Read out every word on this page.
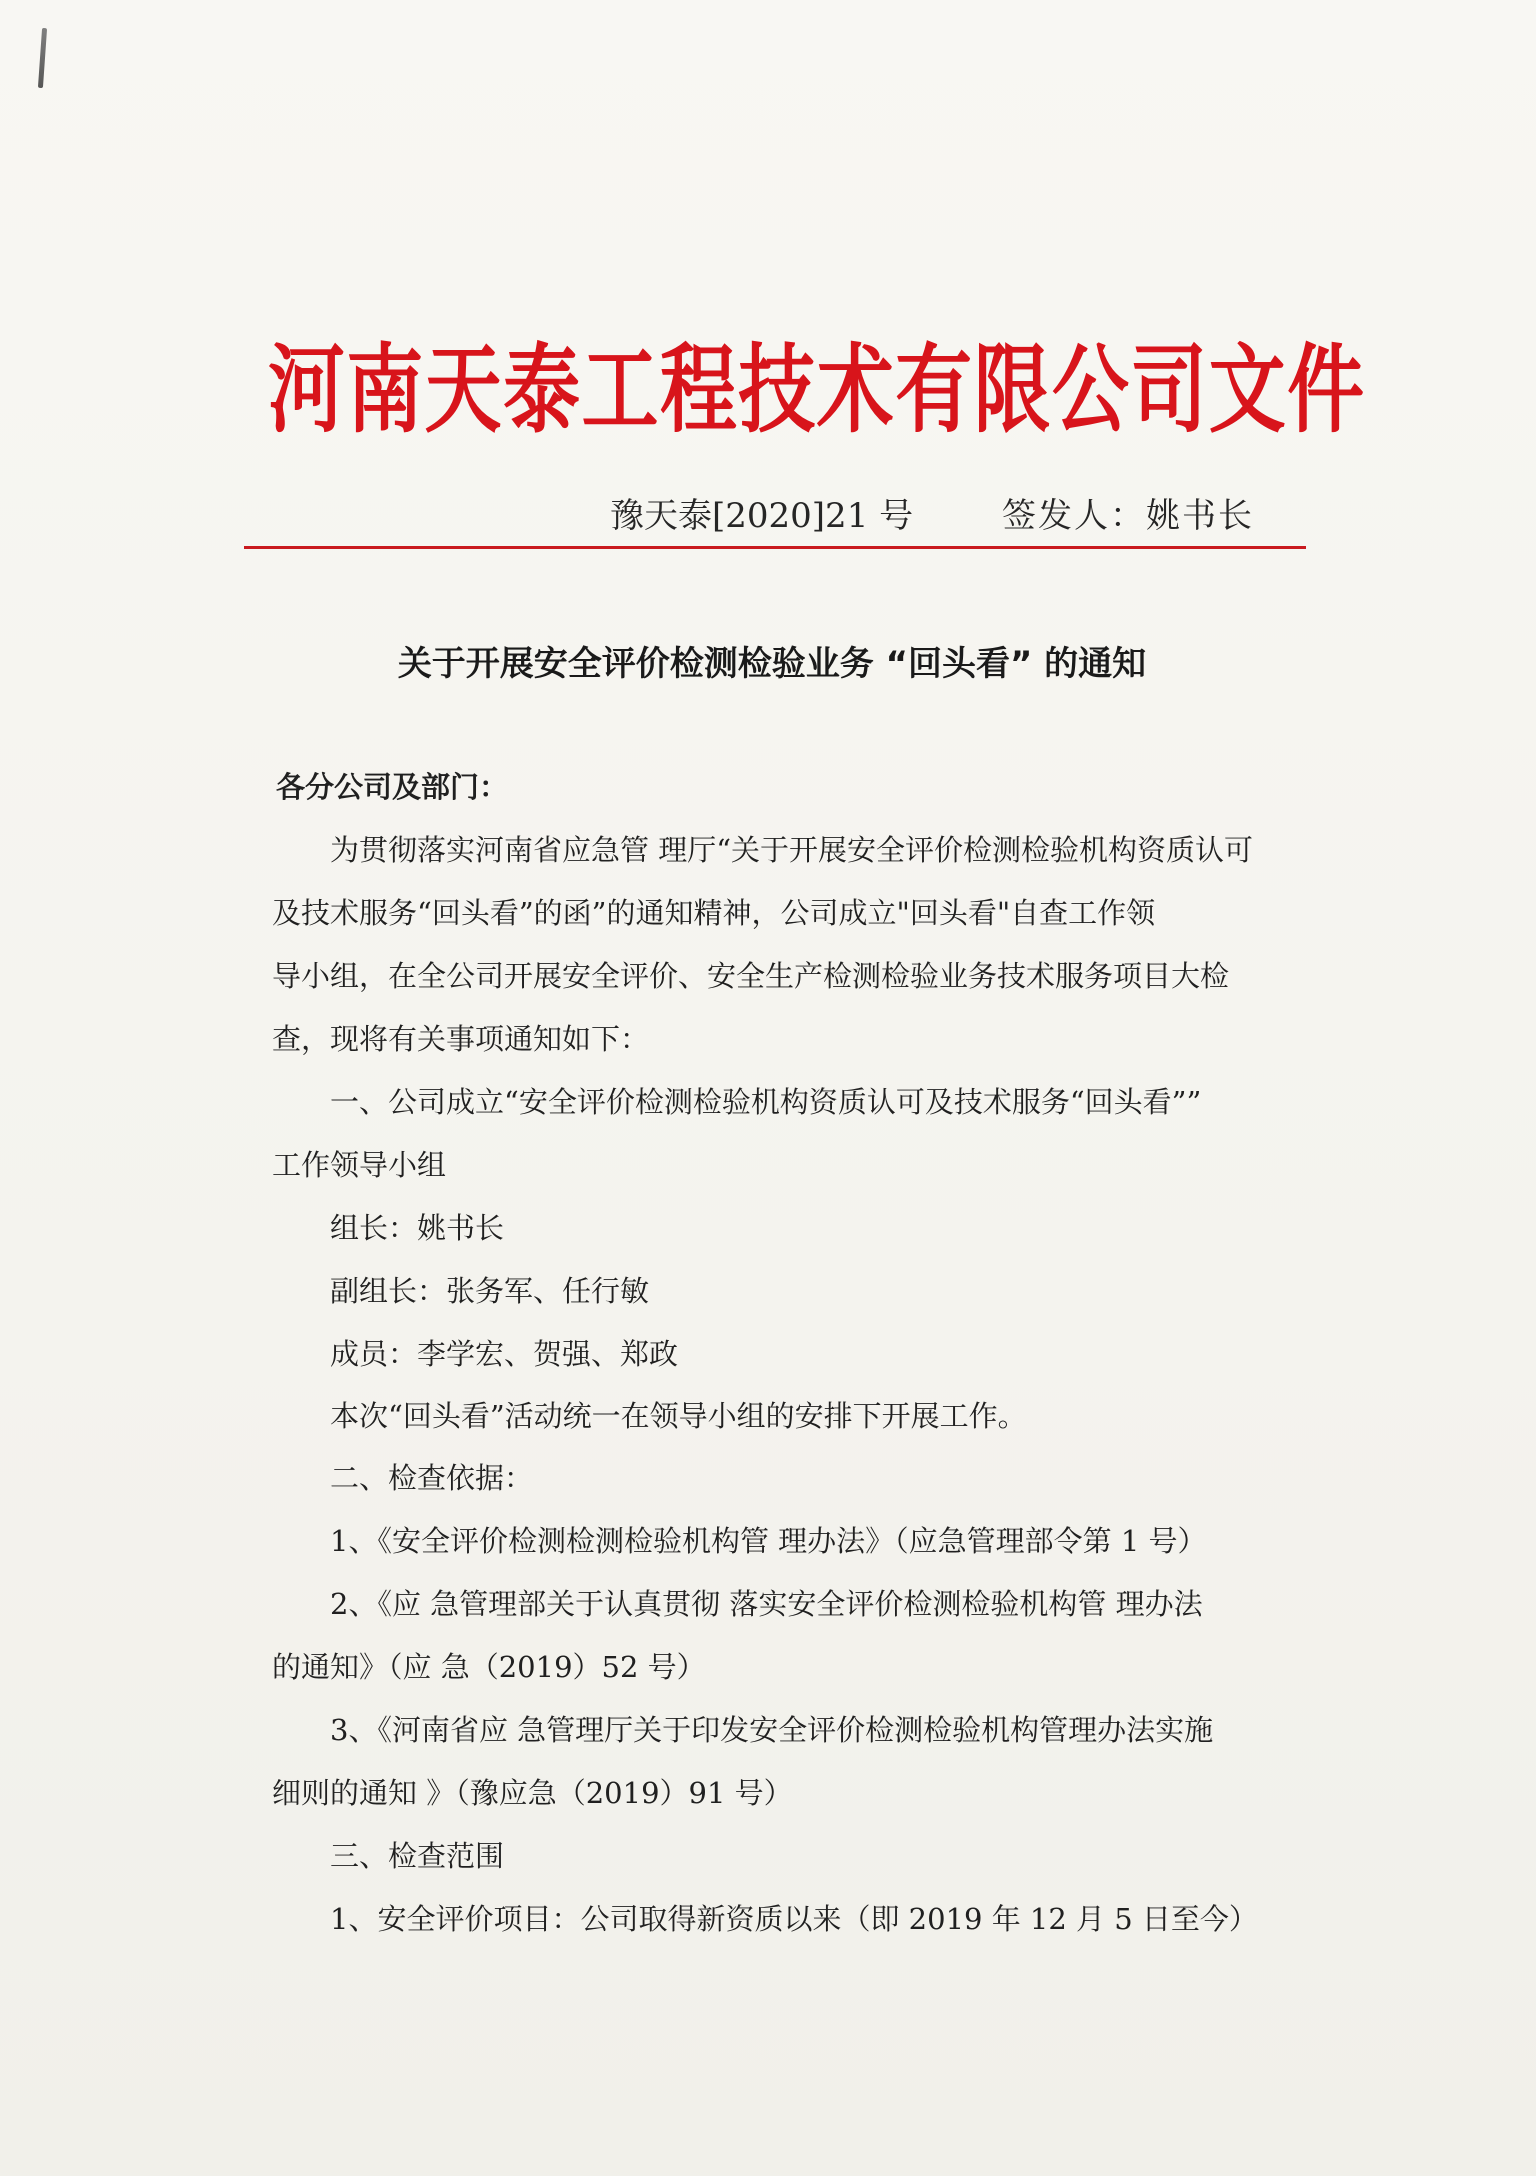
河南天泰工程技术有限公司文件
豫天泰[2020]21 号	签发人：姚书长
关于开展安全评价检测检验业务 “回头看” 的通知
各分公司及部门：
为贯彻落实河南省应急管 理厅“关于开展安全评价检测检验机构资质认可
及技术服务“回头看”的函”的通知精神，公司成立"回头看"自查工作领
导小组，在全公司开展安全评价、安全生产检测检验业务技术服务项目大检
查，现将有关事项通知如下：
一、公司成立“安全评价检测检验机构资质认可及技术服务“回头看””
工作领导小组
组长：姚书长
副组长：张务军、任行敏
成员：李学宏、贺强、郑政
本次“回头看”活动统一在领导小组的安排下开展工作。
二、检查依据：
1、《安全评价检测检测检验机构管 理办法》（应急管理部令第 1 号）
2、《应 急管理部关于认真贯彻 落实安全评价检测检验机构管 理办法
的通知》（应 急（2019）52 号）
3、《河南省应 急管理厅关于印发安全评价检测检验机构管理办法实施
细则的通知 》（豫应急（2019）91 号）
三、检查范围
1、安全评价项目：公司取得新资质以来（即 2019 年 12 月 5 日至今）
